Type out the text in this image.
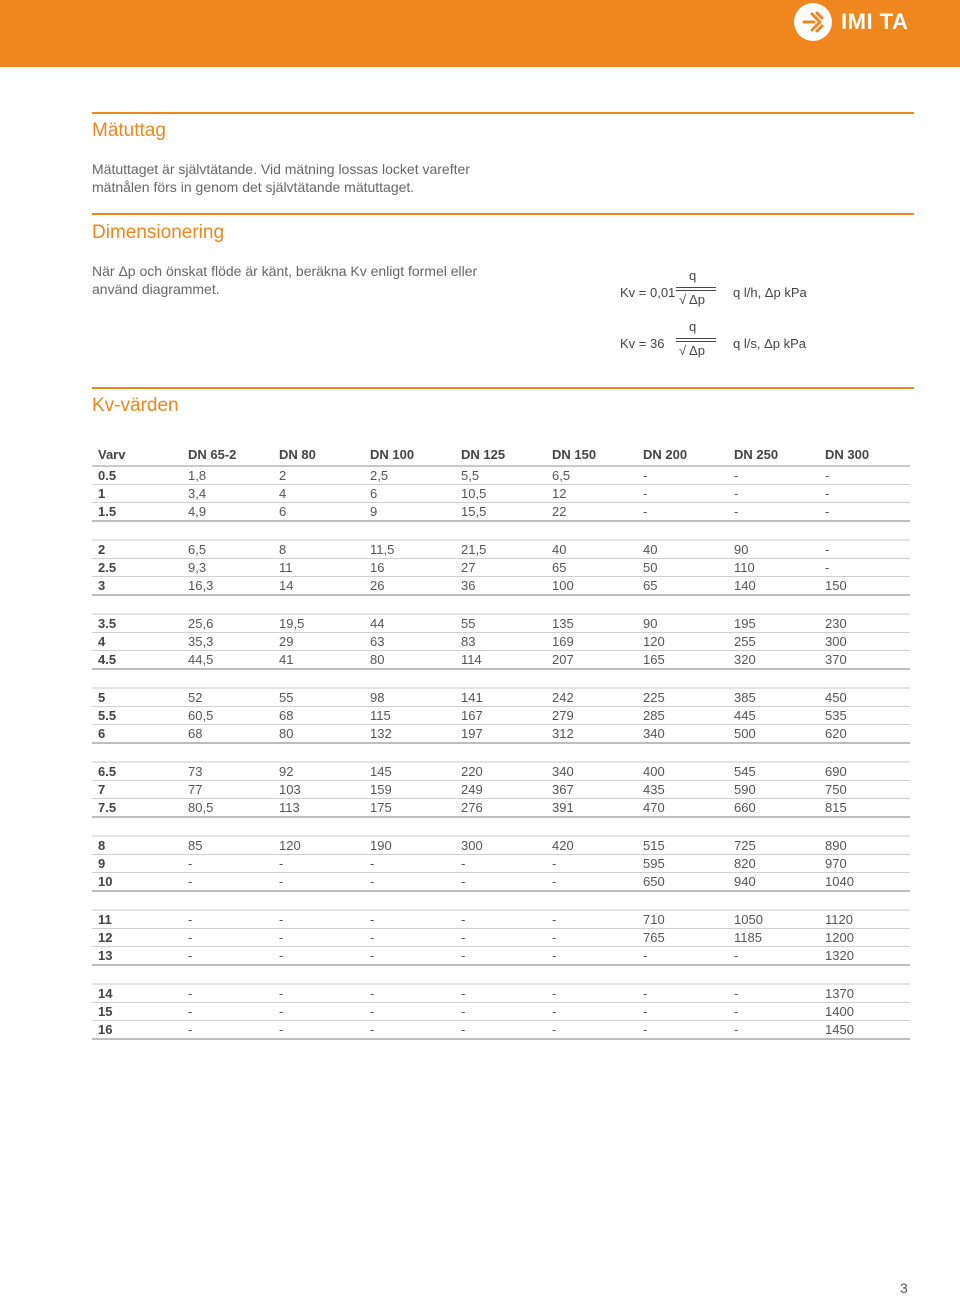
IMI TA
Mätuttag

Mätuttaget är självtätande. Vid mätning lossas locket varefter mätnålen förs in genom det självtätande mätuttaget.

Dimensionering

När Δp och önskat flöde är känt, beräkna Kv enligt formel eller använd diagrammet.	Kv = 0,01
q
√ Δp q l/h, Δp kPa
Kv = 36
q
√ Δp q l/s, Δp kPa
Kv-värden
Varv	DN 65-2	DN 80	DN 100	DN 125	DN 150	DN 200	DN 250	DN 300
0.5	1,8	2	2,5	5,5	6,5	-	-	-
1	3,4	4	6	10,5	12	-	-	-
1.5	4,9	6	9	15,5	22	-	-	-

2	6,5	8	11,5	21,5	40	40	90	-
2.5	9,3	11	16	27	65	50	110	-
3	16,3	14	26	36	100	65	140	150

3.5	25,6	19,5	44	55	135	90	195	230
4	35,3	29	63	83	169	120	255	300
4.5	44,5	41	80	114	207	165	320	370

5	52	55	98	141	242	225	385	450
5.5	60,5	68	115	167	279	285	445	535
6	68	80	132	197	312	340	500	620

6.5	73	92	145	220	340	400	545	690
7	77	103	159	249	367	435	590	750
7.5	80,5	113	175	276	391	470	660	815

8	85	120	190	300	420	515	725	890
9	-	-	-	-	-	595	820	970
10	-	-	-	-	-	650	940	1040

11	-	-	-	-	-	710	1050	1120
12	-	-	-	-	-	765	1185	1200
13	-	-	-	-	-	-	-	1320

14	-	-	-	-	-	-	-	1370
15	-	-	-	-	-	-	-	1400
16	-	-	-	-	-	-	-	1450
3
